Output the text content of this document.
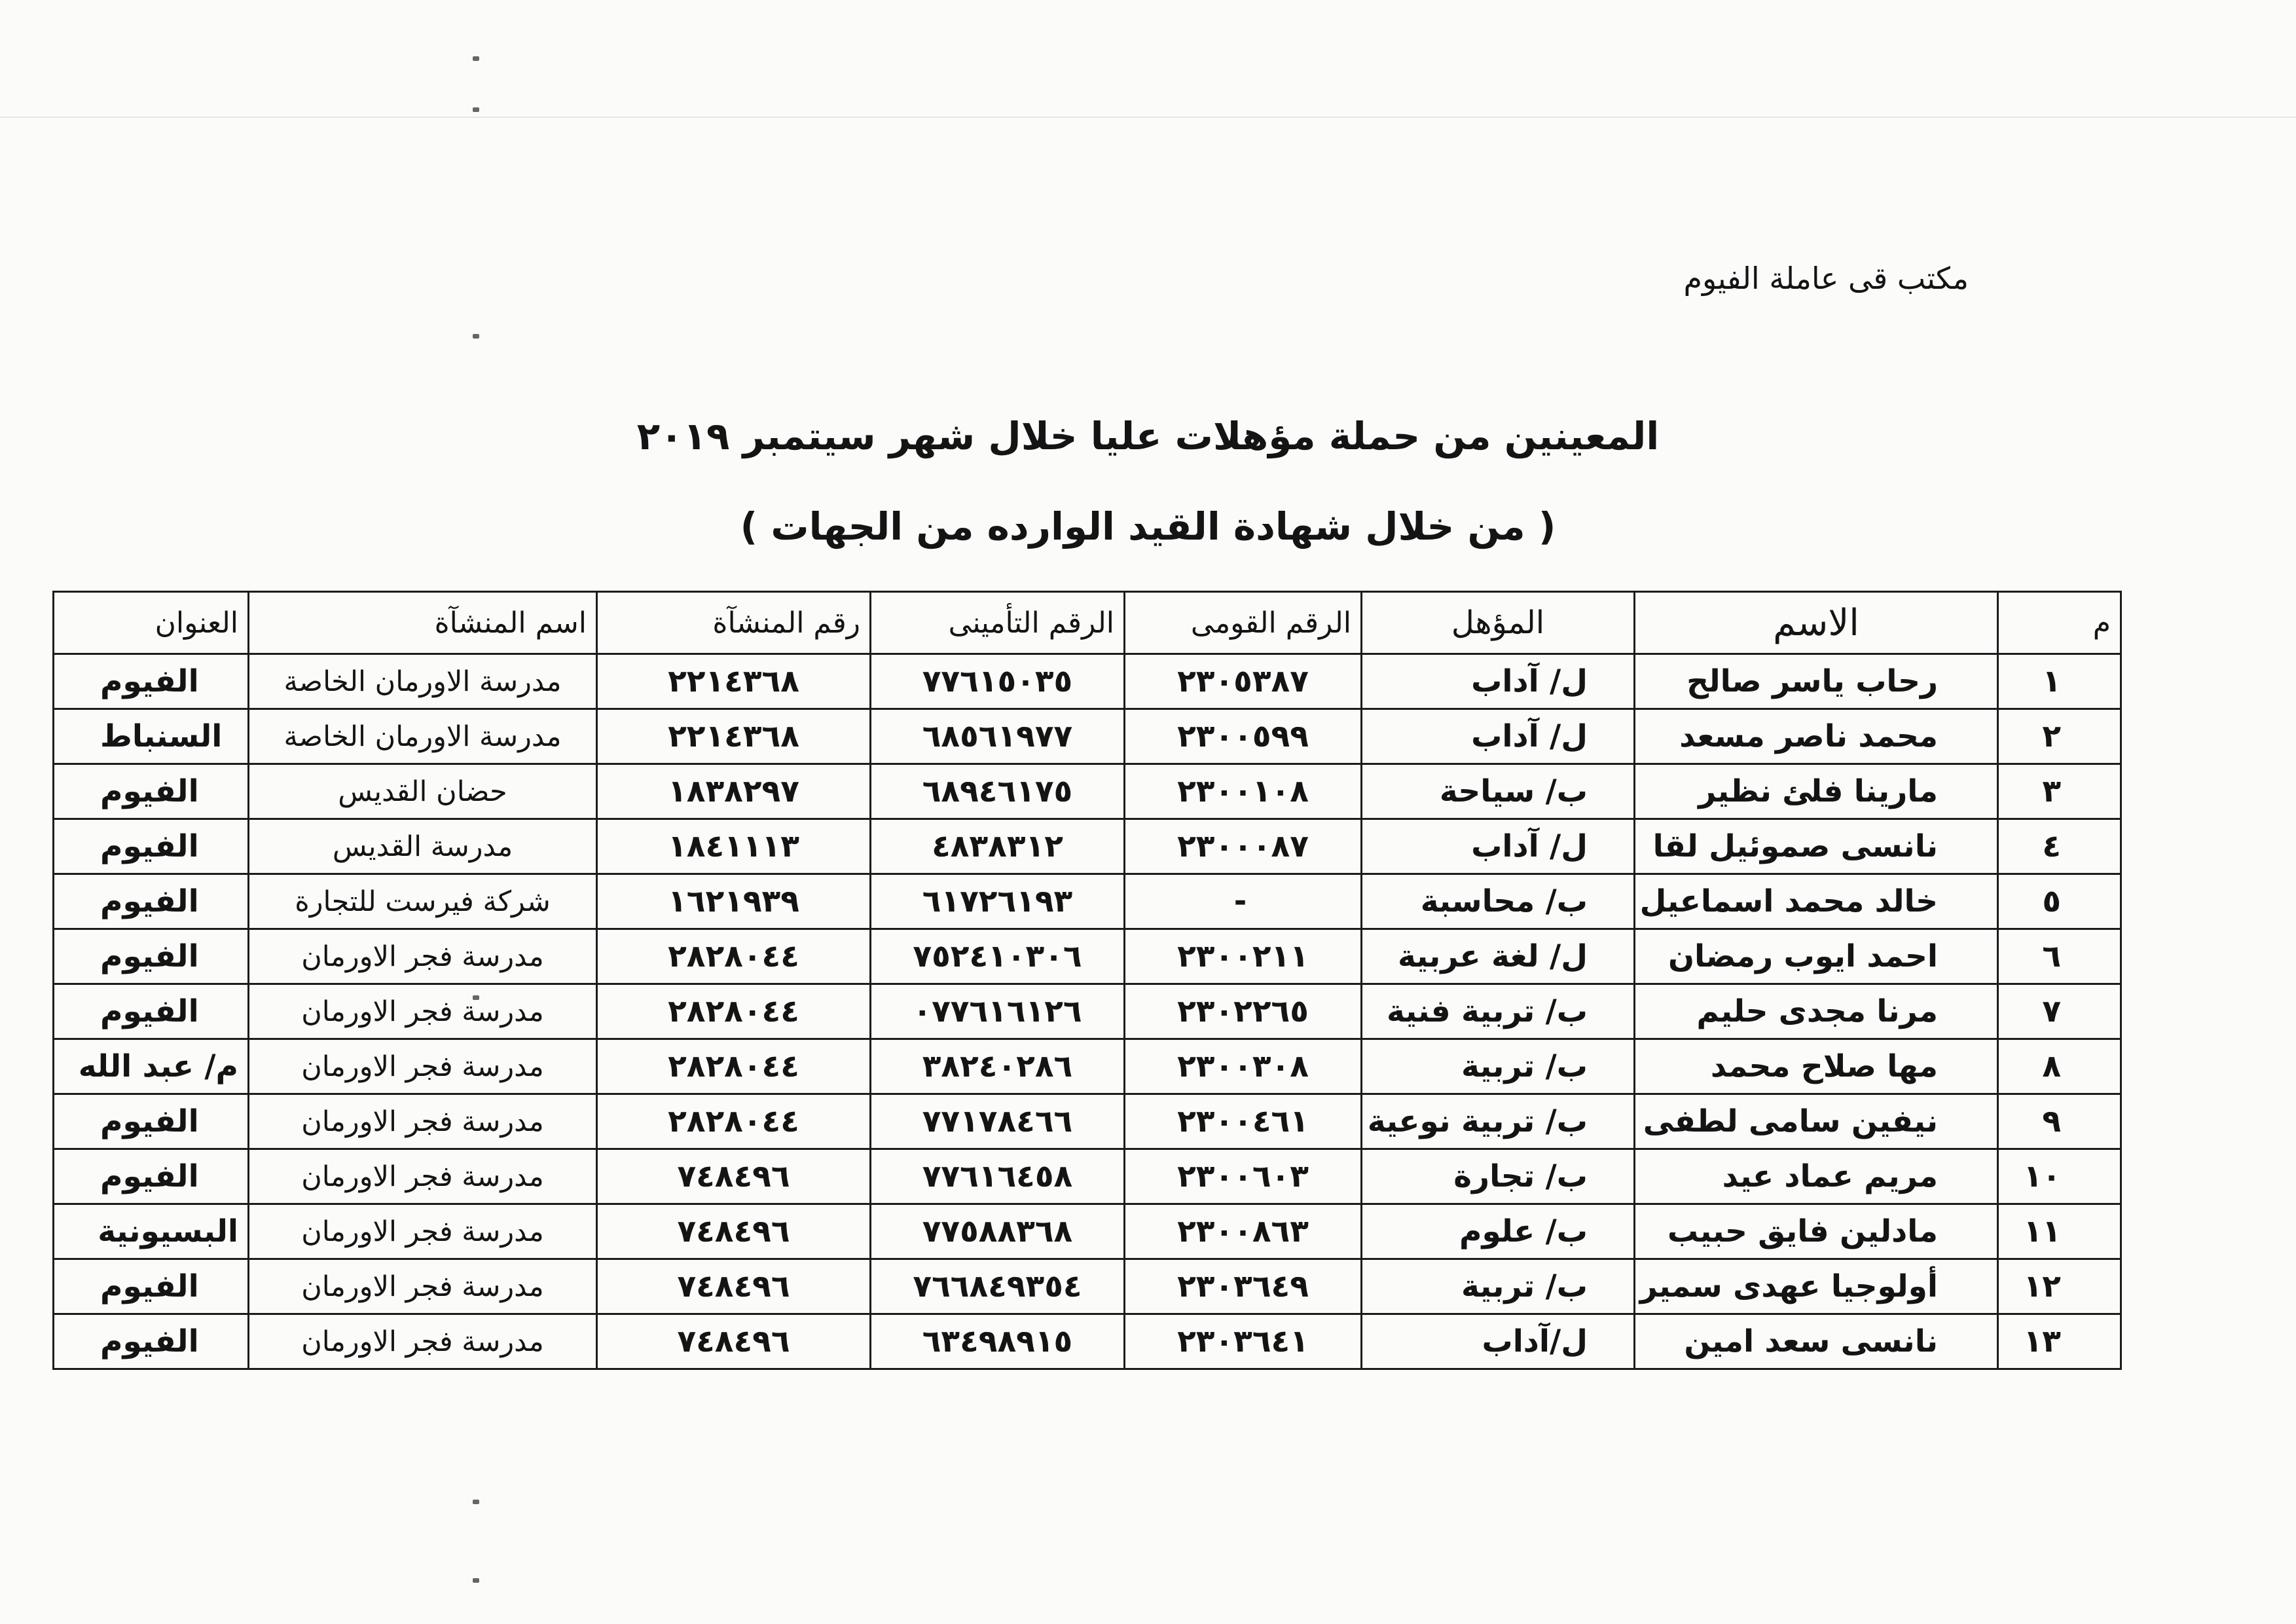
مكتب قى عاملة الفيوم
المعينين من حملة مؤهلات عليا خلال شهر سيتمبر ٢٠١٩
( من خلال شهادة القيد الوارده من الجهات )
م	الاسم	المؤهل	الرقم القومى	الرقم التأمينى	رقم المنشآة	اسم المنشآة	العنوان
١	رحاب ياسر صالح	ل/ آداب	٢٣٠٥٣٨٧	٧٧٦١٥٠٣٥	٢٢١٤٣٦٨	مدرسة الاورمان الخاصة	الفيوم
٢	محمد ناصر مسعد	ل/ آداب	٢٣٠٠٥٩٩	٦٨٥٦١٩٧٧	٢٢١٤٣٦٨	مدرسة الاورمان الخاصة	السنباط
٣	مارينا فلئ نظير	ب/ سياحة	٢٣٠٠١٠٨	٦٨٩٤٦١٧٥	١٨٣٨٢٩٧	حضان القديس	الفيوم
٤	نانسى صموئيل لقا	ل/ آداب	٢٣٠٠٠٨٧	٤٨٣٨٣١٢	١٨٤١١١٣	مدرسة القديس	الفيوم
٥	خالد محمد اسماعيل	ب/ محاسبة	-	٦١٧٢٦١٩٣	١٦٢١٩٣٩	شركة فيرست للتجارة	الفيوم
٦	احمد ايوب رمضان	ل/ لغة عربية	٢٣٠٠٢١١	٧٥٢٤١٠٣٠٦	٢٨٢٨٠٤٤	مدرسة فجر الاورمان	الفيوم
٧	مرنا مجدى حليم	ب/ تربية فنية	٢٣٠٢٢٦٥	٠٧٧٦١٦١٢٦	٢٨٢٨٠٤٤	مدرسة فجر الاورمان	الفيوم
٨	مها صلاح محمد	ب/ تربية	٢٣٠٠٣٠٨	٣٨٢٤٠٢٨٦	٢٨٢٨٠٤٤	مدرسة فجر الاورمان	م/ عبد الله
٩	نيفين سامى لطفى	ب/ تربية نوعية	٢٣٠٠٤٦١	٧٧١٧٨٤٦٦	٢٨٢٨٠٤٤	مدرسة فجر الاورمان	الفيوم
١٠	مريم عماد عيد	ب/ تجارة	٢٣٠٠٦٠٣	٧٧٦١٦٤٥٨	٧٤٨٤٩٦	مدرسة فجر الاورمان	الفيوم
١١	مادلين فايق حبيب	ب/ علوم	٢٣٠٠٨٦٣	٧٧٥٨٨٣٦٨	٧٤٨٤٩٦	مدرسة فجر الاورمان	البسيونية
١٢	أولوجيا عهدى سمير	ب/ تربية	٢٣٠٣٦٤٩	٧٦٦٨٤٩٣٥٤	٧٤٨٤٩٦	مدرسة فجر الاورمان	الفيوم
١٣	نانسى سعد امين	ل/آداب	٢٣٠٣٦٤١	٦٣٤٩٨٩١٥	٧٤٨٤٩٦	مدرسة فجر الاورمان	الفيوم
